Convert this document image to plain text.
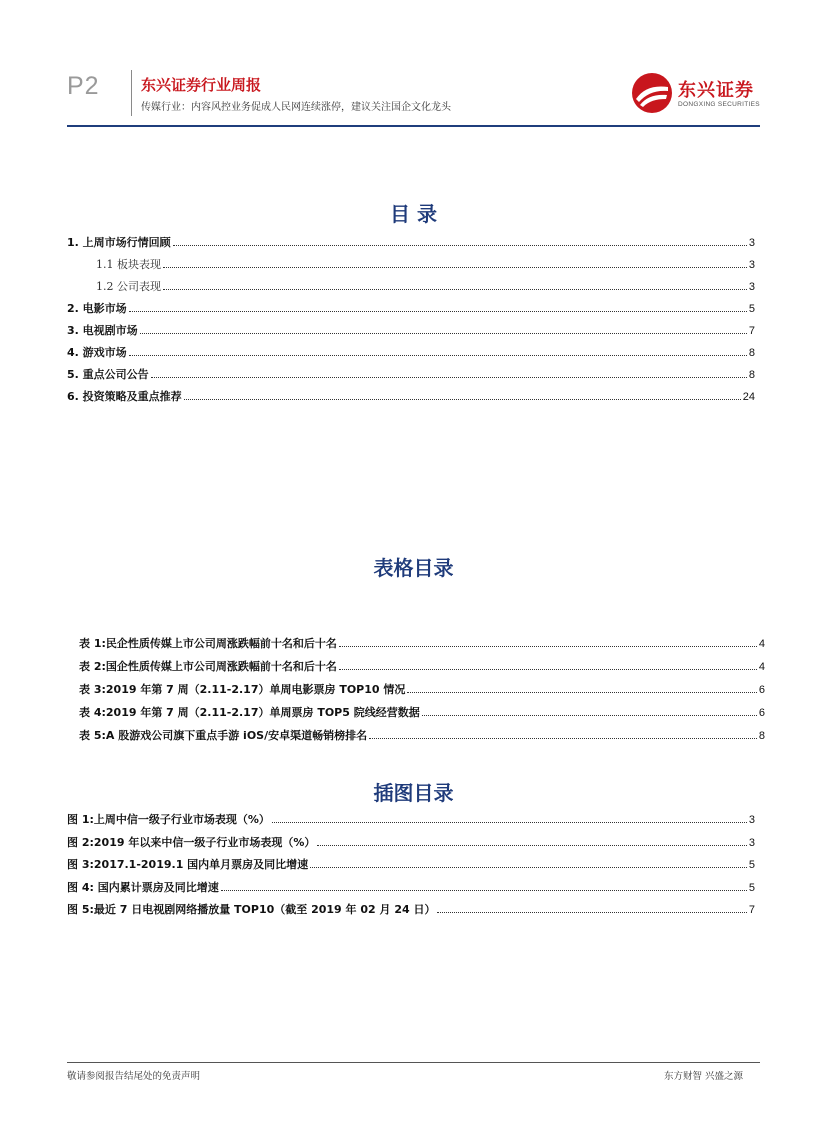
P2	东兴证券行业周报
传媒行业：内容风控业务促成人民网连续涨停，建议关注国企文化龙头
东兴证券
DONGXING SECURITIES
目 录
1. 上周市场行情回顾	3
1.1 板块表现	3
1.2 公司表现	3
2. 电影市场	5
3. 电视剧市场	7
4. 游戏市场	8
5. 重点公司公告	8
6. 投资策略及重点推荐	24
表格目录
表 1:民企性质传媒上市公司周涨跌幅前十名和后十名	4
表 2:国企性质传媒上市公司周涨跌幅前十名和后十名	4
表 3:2019 年第 7 周（2.11-2.17）单周电影票房 TOP10 情况	6
表 4:2019 年第 7 周（2.11-2.17）单周票房 TOP5 院线经营数据	6
表 5:A 股游戏公司旗下重点手游 iOS/安卓渠道畅销榜排名	8
插图目录
图 1:上周中信一级子行业市场表现（%）	3
图 2:2019 年以来中信一级子行业市场表现（%）	3
图 3:2017.1-2019.1 国内单月票房及同比增速	5
图 4: 国内累计票房及同比增速	5
图 5:最近 7 日电视剧网络播放量 TOP10（截至 2019 年 02 月 24 日）	7
敬请参阅报告结尾处的免责声明	东方财智 兴盛之源
